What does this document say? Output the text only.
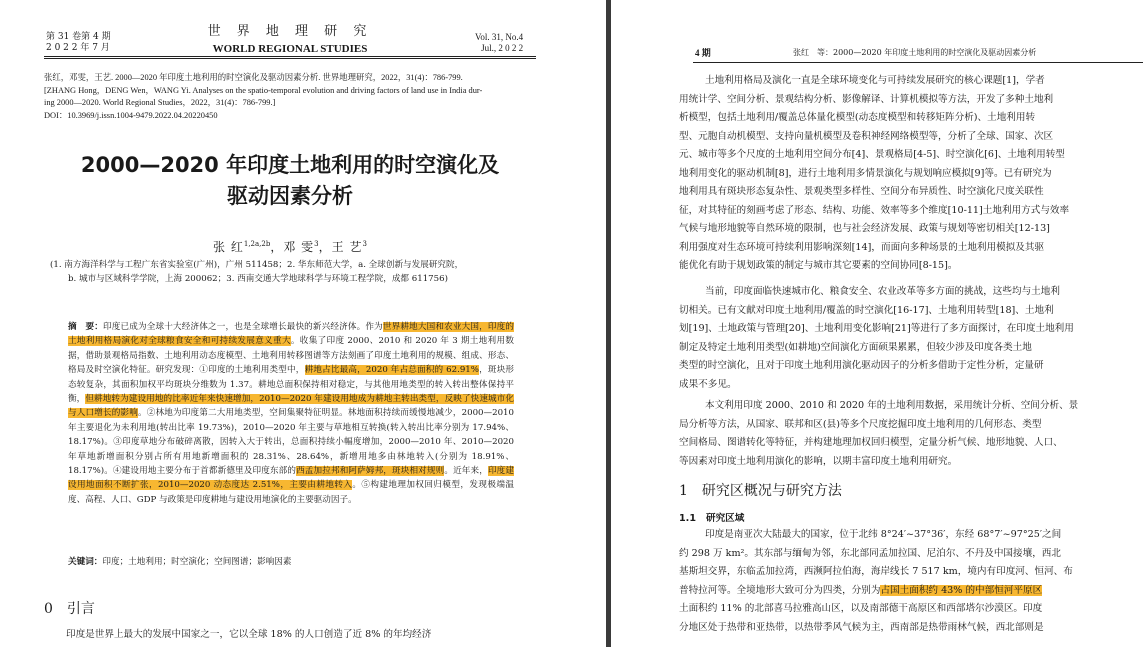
第 31 卷第 4 期
2 0 2 2 年 7 月
世 界 地 理 研 究
WORLD REGIONAL STUDIES
Vol. 31, No.4
Jul., 2 0 2 2
张红，邓雯，王艺. 2000—2020 年印度土地利用的时空演化及驱动因素分析. 世界地理研究，2022，31(4)：786-799.
[ZHANG Hong，DENG Wen，WANG Yi. Analyses on the spatio-temporal evolution and driving factors of land use in India dur-
ing 2000—2020. World Regional Studies，2022，31(4)：786-799.]
DOI：10.3969/j.issn.1004-9479.2022.04.20220450
2000—2020 年印度土地利用的时空演化及
驱动因素分析
张 红$^{1,2a,2b}$，邓 雯$^3$，王 艺$^3$
(1. 南方海洋科学与工程广东省实验室(广州)，广州 511458；2. 华东师范大学，a. 全球创新与发展研究院，
b. 城市与区域科学学院，上海 200062；3. 西南交通大学地球科学与环境工程学院，成都 611756)
摘　要：印度已成为全球十大经济体之一，也是全球增长最快的新兴经济体。作为世界耕地大国和农业大国，印度的土地利用格局演化对全球粮食安全和可持续发展意义重大。收集了印度 2000、2010 和 2020 年 3 期土地利用数据，借助景观格局指数、土地利用动态度模型、土地利用转移图谱等方法刻画了印度土地利用的规模、组成、形态、格局及时空演化特征。研究发现：①印度的土地利用类型中，耕地占比最高，2020 年占总面积的 62.91%，斑块形态较复杂，其面积加权平均斑块分维数为 1.37。耕地总面积保持相对稳定，与其他用地类型的转入转出整体保持平衡，但耕地转为建设用地的比率近年来快速增加，2010—2020 年建设用地成为耕地主转出类型，反映了快速城市化与人口增长的影响。②林地为印度第二大用地类型，空间集聚特征明显。林地面积持续而缓慢地减少，2000—2010 年主要退化为未利用地(转出比率 19.73%)，2010—2020 年主要与草地相互转换(转入转出比率分别为 17.94%、18.17%)。③印度草地分布破碎离散，因转入大于转出，总面积持续小幅度增加，2000—2010 年、2010—2020 年草地新增面积分别占所有用地新增面积的 28.31%、28.64%，新增用地多由林地转入(分别为 18.91%、18.17%)。④建设用地主要分布于首都新德里及印度东部的西孟加拉邦和阿萨姆邦，斑块相对规则。近年来，印度建设用地面积不断扩张，2010—2020 动态度达 2.51%，主要由耕地转入。⑤构建地理加权回归模型，发现极端温度、高程、人口、GDP 与政策是印度耕地与建设用地演化的主要驱动因子。
关键词：印度；土地利用；时空演化；空间图谱；影响因素
0 引言
印度是世界上最大的发展中国家之一，它以全球 18% 的人口创造了近 8% 的年均经济
4 期	张红　等：2000—2020 年印度土地利用的时空演化及驱动因素分析
土地利用格局及演化一直是全球环境变化与可持续发展研究的核心课题[1]，学者
用统计学、空间分析、景观结构分析、影像解译、计算机模拟等方法，开发了多种土地利
析模型，包括土地利用/覆盖总体量化模型(动态度模型和转移矩阵分析)、土地利用转
型、元胞自动机模型、支持向量机模型及卷积神经网络模型等，分析了全球、国家、次区
元、城市等多个尺度的土地利用空间分布[4]、景观格局[4-5]、时空演化[6]、土地利用转型
地利用变化的驱动机制[8]，进行土地利用多情景演化与规划响应模拟[9]等。已有研究为
地利用具有斑块形态复杂性、景观类型多样性、空间分布异质性、时空演化尺度关联性
征，对其特征的刻画考虑了形态、结构、功能、效率等多个维度[10-11]土地利用方式与效率
气候与地形地貌等自然环境的限制，也与社会经济发展、政策与规划等密切相关[12-13]
利用强度对生态环境可持续利用影响深刻[14]，而面向多种场景的土地利用模拟及其驱
能优化有助于规划政策的制定与城市其它要素的空间协同[8-15]。
当前，印度面临快速城市化、粮食安全、农业改革等多方面的挑战，这些均与土地利
切相关。已有文献对印度土地利用/覆盖的时空演化[16-17]、土地利用转型[18]、土地利
划[19]、土地政策与管理[20]、土地利用变化影响[21]等进行了多方面探讨，在印度土地利用
制定及特定土地利用类型(如耕地)空间演化方面硕果累累，但较少涉及印度各类土地
类型的时空演化，且对于印度土地利用演化驱动因子的分析多借助于定性分析，定量研
成果不多见。
本文利用印度 2000、2010 和 2020 年的土地利用数据，采用统计分析、空间分析、景
局分析等方法，从国家、联邦和区(县)等多个尺度挖掘印度土地利用的几何形态、类型
空间格局、图谱转化等特征，并构建地理加权回归模型，定量分析气候、地形地貌、人口、
等因素对印度土地利用演化的影响，以期丰富印度土地利用研究。
1 研究区概况与研究方法
1.1 研究区域
印度是南亚次大陆最大的国家，位于北纬 8°24′~37°36′，东经 68°7′~97°25′之间
约 298 万 km²。其东部与缅甸为邻，东北部同孟加拉国、尼泊尔、不丹及中国接壤，西北
基斯坦交界，东临孟加拉湾，西濒阿拉伯海，海岸线长 7 517 km，境内有印度河、恒河、布
普特拉河等。全境地形大致可分为四类，分别为占国土面积约 43% 的中部恒河平原区
土面积约 11% 的北部喜马拉雅高山区，以及南部德干高原区和西部塔尔沙漠区。印度
分地区处于热带和亚热带，以热带季风气候为主，西南部是热带雨林气候，西北部则是
